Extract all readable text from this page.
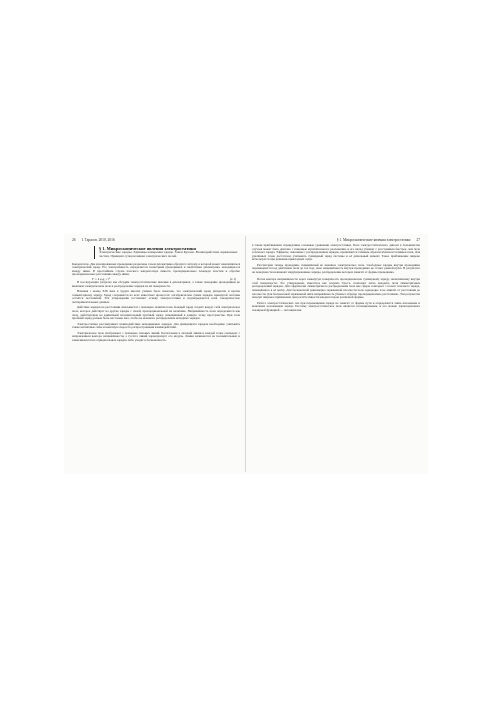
26 I. Тарасов. 2010, 2016
§ 1. Микроскопические явления электростатики
Электрические заряды. Единицы измерения заряда. Закон Кулона. Взаимодействие заряженных частиц. Принцип суперпозиции электрических полей.

Конденсатор. Два изолированных проводника разделены слоем диэлектрика образуют систему, в которой может накапливаться электрический заряд. Его электроёмкость определяется геометрией проводников и свойствами диэлектрика, находящегося между ними. В простейшем случае плоского конденсатора ёмкость пропорциональна площади пластин и обратно пропорциональна расстоянию между ними.

F = k q₁q₂ / r²	(1.1)

В последующих разделах мы обсудим электростатические явления в диэлектриках, а также поведение проводников во внешнем электрическом поле и распределение зарядов на их поверхности.

Начиная с конца XIX века в трудах многих учёных было показано, что электрический заряд дискретен и кратен элементарному заряду. Заряд сохраняется во всех известных процессах: алгебраическая сумма зарядов замкнутой системы остаётся постоянной. Эти утверждения составляют основу электростатики и подтверждаются всей совокупностью экспериментальных данных.

Действие зарядов на расстоянии описывается с помощью понятия поля. Каждый заряд создаёт вокруг себя электрическое поле, которое действует на другие заряды с силой, пропорциональной их величине. Напряжённость поля определяется как сила, действующая на единичный положительный пробный заряд, помещённый в данную точку пространства. При этом пробный заряд должен быть настолько мал, чтобы не искажать распределение исходных зарядов.

Электростатика рассматривает взаимодействие неподвижных зарядов. Для движущихся зарядов необходимо учитывать также магнитные силы и конечную скорость распространения взаимодействия.

Электрическое поле изображают с помощью силовых линий. Касательная к силовой линии в каждой точке совпадает с направлением вектора напряжённости, а густота линий характеризует его модуль. Линии начинаются на положительных и заканчиваются на отрицательных зарядах либо уходят в бесконечность.

§ 1. Микроскопические явления электростатики 27

в таком приближении справедливы основные уравнения электростатики. Поле электростатического диполя в большинстве случаев может быть описано с помощью мультипольного разложения, и его вклад убывает с расстоянием быстрее, чем поле точечного заряда. Эффекты, связанные с распределением зарядов, проявляются главным образом вблизи источников поля. Для удалённых точек достаточно учитывать суммарный заряд системы и её дипольный момент. Такое приближение широко используется при решении прикладных задач.

Рассмотрим теперь проводник, помещённый во внешнее электрическое поле. Свободные заряды внутри проводника перемещаются под действием поля до тех пор, пока напряжённость внутри проводника не станет равной нулю. В результате на поверхности возникают индуцированные заряды, распределение которых зависит от формы проводника.

Поток вектора напряжённости через замкнутую поверхность пропорционален суммарному заряду, заключённому внутри этой поверхности. Это утверждение, известное как теорема Гаусса, позволяет легко находить поля симметричных распределений зарядов. Для сферически симметричного распределения поле вне сферы совпадает с полем точечного заряда, помещённого в её центр. Для бесконечной равномерно заряженной плоскости поле однородно и не зависит от расстояния до плоскости. Для бесконечной заряженной нити напряжённость убывает обратно пропорционально расстоянию. Эти результаты находят широкое применение при расчёте ёмкости конденсаторов различной формы.

Работа электростатических сил при перемещении заряда не зависит от формы пути и определяется лишь начальным и конечным положением заряда. Поэтому электростатическое поле является потенциальным, и его можно характеризовать скалярной функцией — потенциалом.
